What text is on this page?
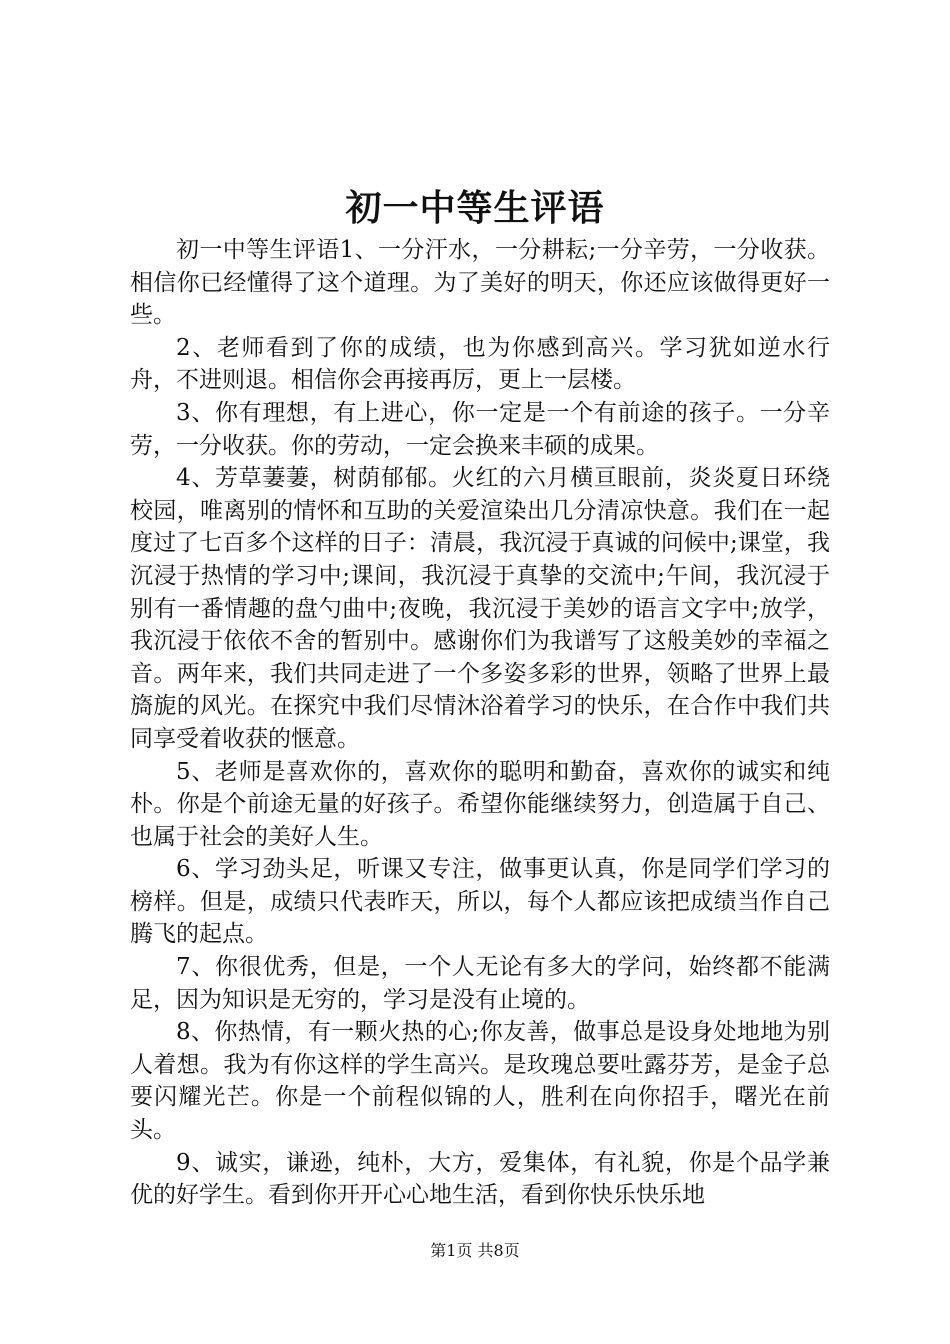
初一中等生评语

初一中等生评语1、一分汗水，一分耕耘;一分辛劳，一分收获。相信你已经懂得了这个道理。为了美好的明天，你还应该做得更好一些。

2、老师看到了你的成绩，也为你感到高兴。学习犹如逆水行舟，不进则退。相信你会再接再厉，更上一层楼。

3、你有理想，有上进心，你一定是一个有前途的孩子。一分辛劳，一分收获。你的劳动，一定会换来丰硕的成果。

4、芳草萋萋，树荫郁郁。火红的六月横亘眼前，炎炎夏日环绕校园，唯离别的情怀和互助的关爱渲染出几分清凉快意。我们在一起度过了七百多个这样的日子：清晨，我沉浸于真诚的问候中;课堂，我沉浸于热情的学习中;课间，我沉浸于真挚的交流中;午间，我沉浸于别有一番情趣的盘勺曲中;夜晚，我沉浸于美妙的语言文字中;放学，我沉浸于依依不舍的暂别中。感谢你们为我谱写了这般美妙的幸福之音。两年来，我们共同走进了一个多姿多彩的世界，领略了世界上最旖旎的风光。在探究中我们尽情沐浴着学习的快乐，在合作中我们共同享受着收获的惬意。

5、老师是喜欢你的，喜欢你的聪明和勤奋，喜欢你的诚实和纯朴。你是个前途无量的好孩子。希望你能继续努力，创造属于自己、也属于社会的美好人生。

6、学习劲头足，听课又专注，做事更认真，你是同学们学习的榜样。但是，成绩只代表昨天，所以，每个人都应该把成绩当作自己腾飞的起点。

7、你很优秀，但是，一个人无论有多大的学问，始终都不能满足，因为知识是无穷的，学习是没有止境的。

8、你热情，有一颗火热的心;你友善，做事总是设身处地地为别人着想。我为有你这样的学生高兴。是玫瑰总要吐露芬芳，是金子总要闪耀光芒。你是一个前程似锦的人，胜利在向你招手，曙光在前头。

9、诚实，谦逊，纯朴，大方，爱集体，有礼貌，你是个品学兼优的好学生。看到你开开心心地生活，看到你快乐快乐地

第1页 共8页
